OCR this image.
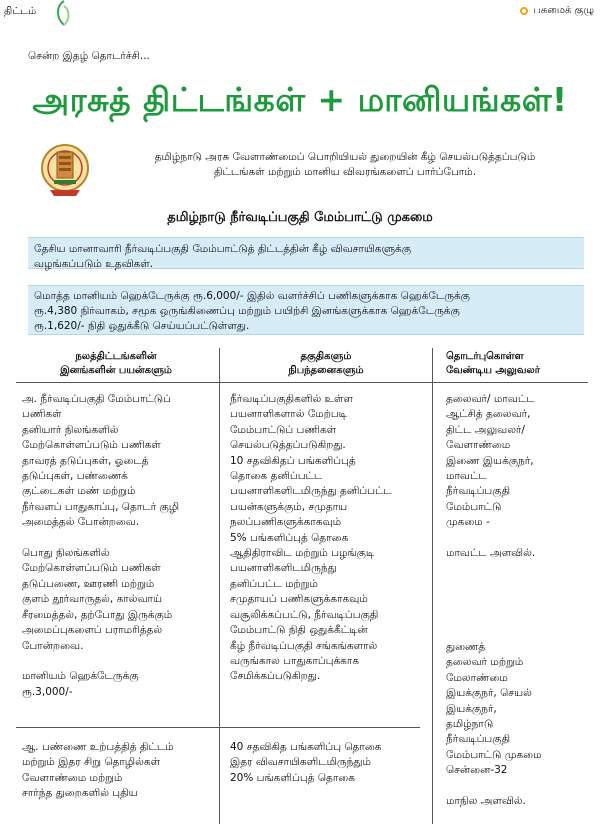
திட்டம்	பசுமைக் குழு
சென்ற இதழ் தொடர்ச்சி...
அரசுத் திட்டங்கள் + மானியங்கள்!
தமிழ்நாடு அரசு வேளாண்மைப் பொறியியல் துறையின் கீழ் செயல்படுத்தப்படும்
திட்டங்கள் மற்றும் மானிய விவரங்களைப் பார்ப்போம்.
தமிழ்நாடு நீர்வடிப்பகுதி மேம்பாட்டு முகமை
தேசிய மானாவாரி நீர்வடிப்பகுதி மேம்பாட்டுத் திட்டத்தின் கீழ் விவசாயிகளுக்கு
வழங்கப்படும் உதவிகள்.
மொத்த மானியம் ஹெக்டேருக்கு ரூ.6,000/- இதில் வளர்ச்சிப் பணிகளுக்காக ஹெக்டேருக்கு
ரூ.4,380 நிர்வாகம், சமூக ஒருங்கிணைப்பு மற்றும் பயிற்சி இனங்களுக்காக ஹெக்டேருக்கு
ரூ.1,620/- நிதி ஒதுக்கீடு செய்யப்பட்டுள்ளது.
நலத்திட்டங்களின்
இனங்களின் பயன்களும்
தகுதிகளும்
நிபந்தனைகளும்
தொடர்புகொள்ள
வேண்டிய அலுவலர்
அ. நீர்வடிப்பகுதி மேம்பாட்டுப்
பணிகள்
தனியார் நிலங்களில்
மேற்கொள்ளப்படும் பணிகள்
தாவரத் தடுப்புகள், ஓடைத்
தடுப்புகள், பண்ணைக்
குட்டைகள் மண் மற்றும்
நீர்வளப் பாதுகாப்பு, தொடர் குழி
அமைத்தல் போன்றவை.

பொது நிலங்களில்
மேற்கொள்ளப்படும் பணிகள்
தடுப்பணை, ஊரணி மற்றும்
குளம் தூர்வாருதல், கால்வாய்
சீரமைத்தல், தற்போது இருக்கும்
அமைப்புகளைப் பராமரித்தல்
போன்றவை.

மானியம் ஹெக்டேருக்கு
ரூ.3,000/-
நீர்வடிப்பகுதிகளில் உள்ள
பயனாளிகளால் மேற்படி
மேம்பாட்டுப் பணிகள்
செயல்படுத்தப்படுகிறது.
10 சதவிகிதப் பங்களிப்புத்
தொகை தனிப்பட்ட
பயனாளிகளிடமிருந்து தனிப்பட்ட
பயன்களுக்கும், சமுதாய
நலப்பணிகளுக்காகவும்
5% பங்களிப்புத் தொகை
ஆதிதிராவிட மற்றும் பழங்குடி
பயனாளிகளிடமிருந்து
தனிப்பட்ட மற்றும்
சமுதாயப் பணிகளுக்காகவும்
வசூலிக்கப்பட்டு, நீர்வடிப்பகுதி
மேம்பாட்டு நிதி ஒதுக்கீட்டின்
கீழ் நீர்வடிப்பகுதி சங்கங்களால்
வருங்கால பாதுகாப்புக்காக
சேமிக்கப்படுகிறது.
தலைவர்/ மாவட்ட
ஆட்சித் தலைவர்,
திட்ட அலுவலர்/
வேளாண்மை
இணை இயக்குநர்,
மாவட்ட
நீர்வடிப்பகுதி
மேம்பாட்டு
முகமை -

மாவட்ட அளவில்.
துணைத்
தலைவர் மற்றும்
மேலாண்மை
இயக்குநர், செயல்
இயக்குநர்,
தமிழ்நாடு
நீர்வடிப்பகுதி
மேம்பாட்டு முகமை
சென்னை-32

மாநில அளவில்.
ஆ. பண்ணை உற்பத்தித் திட்டம்
மற்றும் இதர சிறு தொழில்கள்
வேளாண்மை மற்றும்
சார்ந்த துறைகளில் புதிய
40 சதவிகித பங்களிப்பு தொகை
இதர விவசாயிகளிடமிருந்தும்
20% பங்களிப்புத் தொகை
